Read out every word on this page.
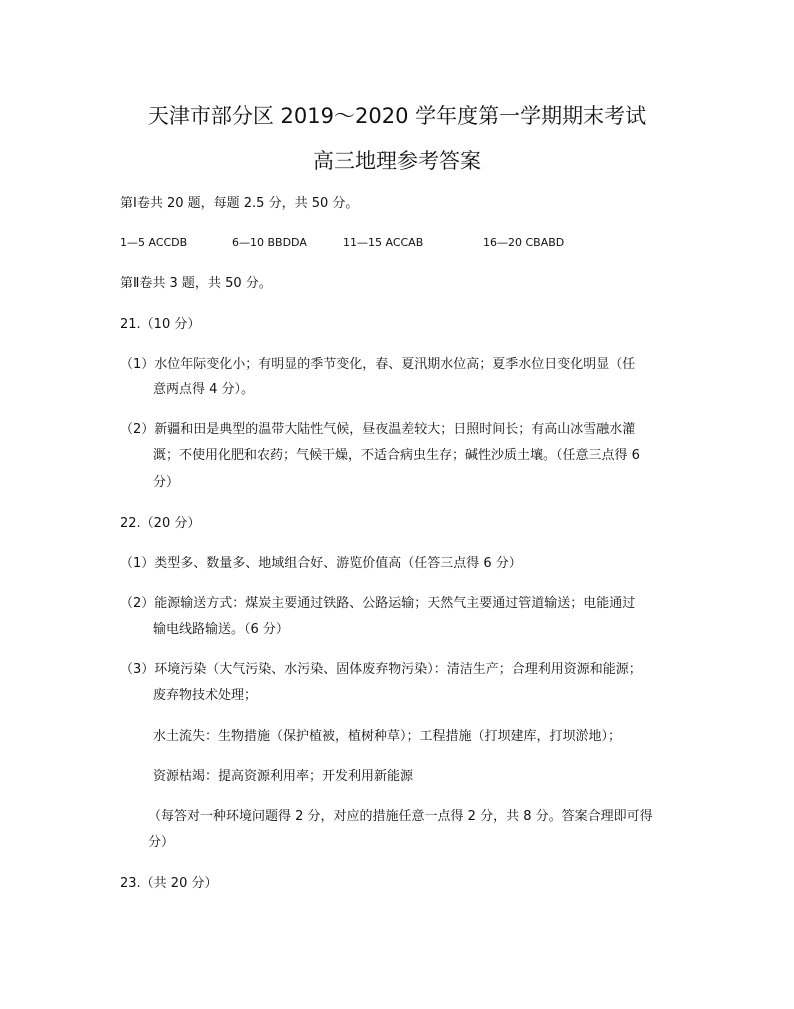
天津市部分区 2019～2020 学年度第一学期期末考试
高三地理参考答案
第Ⅰ卷共 20 题，每题 2.5 分，共 50 分。
1—5 ACCDB	6—10 BBDDA	11—15 ACCAB	16—20 CBABD
第Ⅱ卷共 3 题，共 50 分。
21.（10 分）
（1）水位年际变化小；有明显的季节变化，春、夏汛期水位高；夏季水位日变化明显（任
意两点得 4 分）。
（2）新疆和田是典型的温带大陆性气候，昼夜温差较大；日照时间长；有高山冰雪融水灌
溉；不使用化肥和农药；气候干燥，不适合病虫生存；碱性沙质土壤。（任意三点得 6
分）
22.（20 分）
（1）类型多、数量多、地域组合好、游览价值高（任答三点得 6 分）
（2）能源输送方式：煤炭主要通过铁路、公路运输；天然气主要通过管道输送；电能通过
输电线路输送。（6 分）
（3）环境污染（大气污染、水污染、固体废弃物污染）：清洁生产；合理利用资源和能源；
废弃物技术处理；
水土流失：生物措施（保护植被，植树种草）；工程措施（打坝建库，打坝淤地）；
资源枯竭：提高资源利用率；开发利用新能源
（每答对一种环境问题得 2 分，对应的措施任意一点得 2 分，共 8 分。答案合理即可得
分）
23.（共 20 分）
